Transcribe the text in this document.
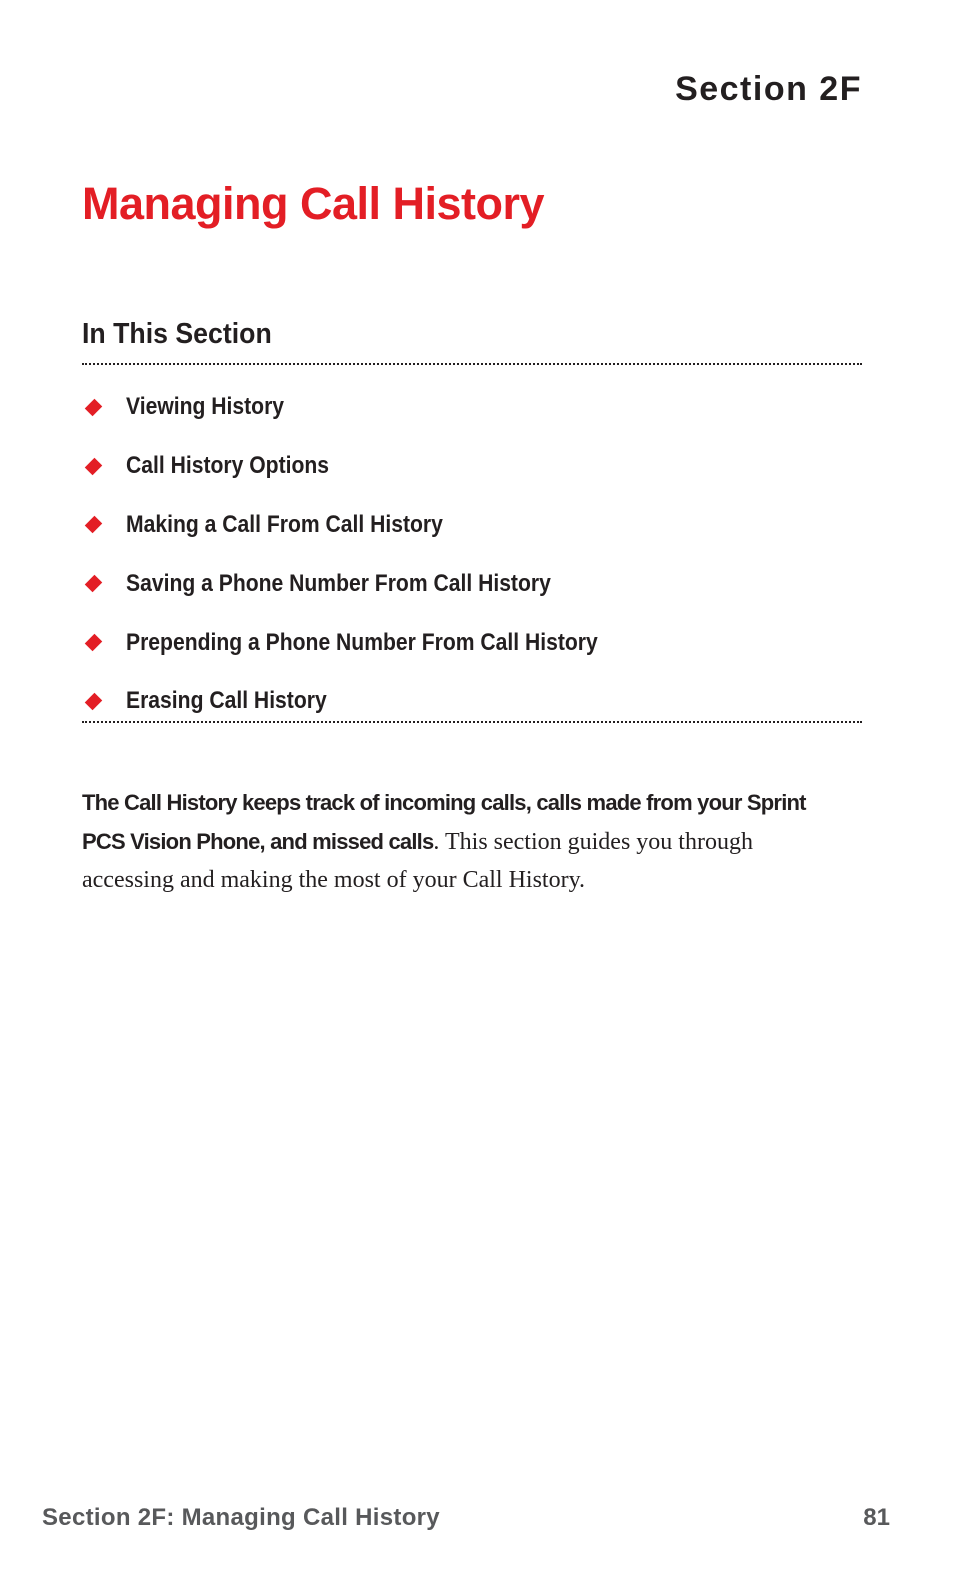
Section 2F
Managing Call History
In This Section
Viewing History
Call History Options
Making a Call From Call History
Saving a Phone Number From Call History
Prepending a Phone Number From Call History
Erasing Call History

The Call History keeps track of incoming calls, calls made from your Sprint PCS Vision Phone, and missed calls. This section guides you through accessing and making the most of your Call History.

Section 2F: Managing Call History	81
